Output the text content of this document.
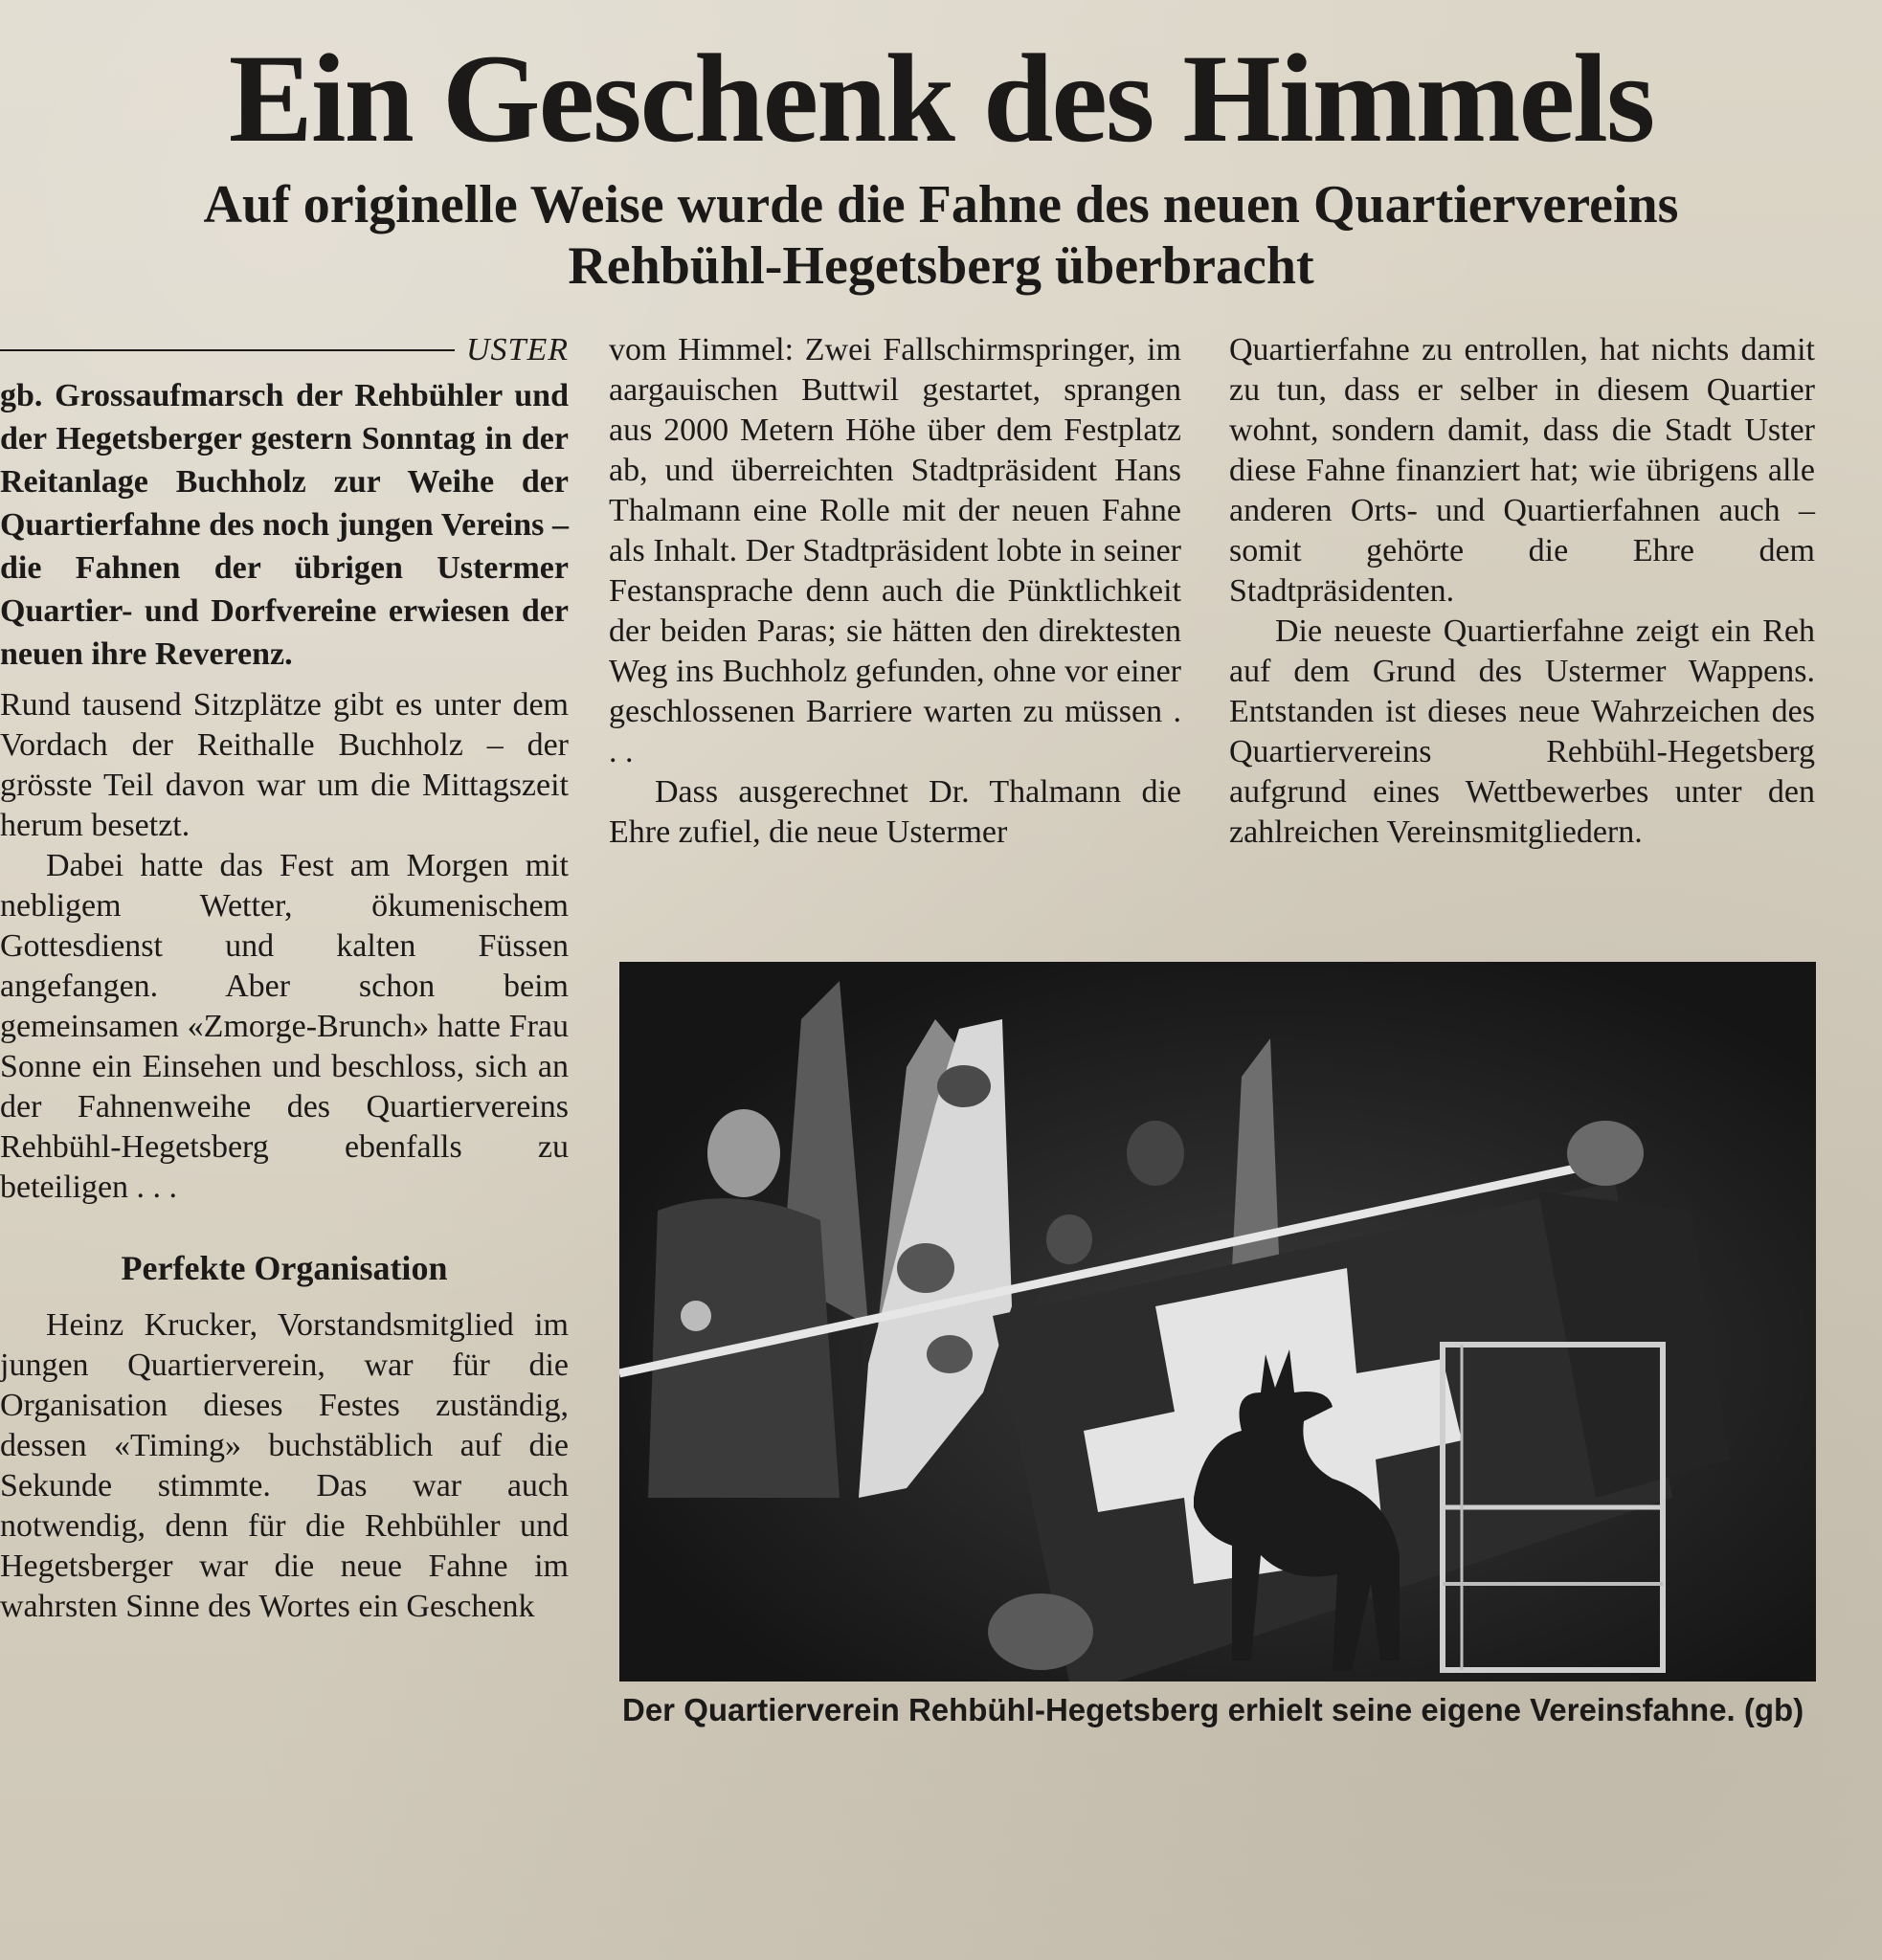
Ein Geschenk des Himmels
Auf originelle Weise wurde die Fahne des neuen Quartiervereins
Rehbühl-Hegetsberg überbracht
USTER

gb. Grossaufmarsch der Rehbühler und der Hegetsberger gestern Sonntag in der Reitanlage Buchholz zur Weihe der Quartierfahne des noch jungen Vereins – die Fahnen der übrigen Ustermer Quartier- und Dorfvereine erwiesen der neuen ihre Reverenz.

Rund tausend Sitzplätze gibt es unter dem Vordach der Reithalle Buchholz – der grösste Teil davon war um die Mittagszeit herum besetzt.

Dabei hatte das Fest am Morgen mit nebligem Wetter, ökumenischem Gottesdienst und kalten Füssen angefangen. Aber schon beim gemeinsamen «Zmorge-Brunch» hatte Frau Sonne ein Einsehen und beschloss, sich an der Fahnenweihe des Quartiervereins Rehbühl-Hegetsberg ebenfalls zu beteiligen . . .

Perfekte Organisation

Heinz Krucker, Vorstandsmitglied im jungen Quartierverein, war für die Organisation dieses Festes zuständig, dessen «Timing» buchstäblich auf die Sekunde stimmte. Das war auch notwendig, denn für die Rehbühler und Hegetsberger war die neue Fahne im wahrsten Sinne des Wortes ein Geschenk

vom Himmel: Zwei Fallschirmspringer, im aargauischen Buttwil gestartet, sprangen aus 2000 Metern Höhe über dem Festplatz ab, und überreichten Stadtpräsident Hans Thalmann eine Rolle mit der neuen Fahne als Inhalt. Der Stadtpräsident lobte in seiner Festansprache denn auch die Pünktlichkeit der beiden Paras; sie hätten den direktesten Weg ins Buchholz gefunden, ohne vor einer geschlossenen Barriere warten zu müssen . . .

Dass ausgerechnet Dr. Thalmann die Ehre zufiel, die neue Ustermer

Quartierfahne zu entrollen, hat nichts damit zu tun, dass er selber in diesem Quartier wohnt, sondern damit, dass die Stadt Uster diese Fahne finanziert hat; wie übrigens alle anderen Orts- und Quartierfahnen auch – somit gehörte die Ehre dem Stadtpräsidenten.

Die neueste Quartierfahne zeigt ein Reh auf dem Grund des Ustermer Wappens. Entstanden ist dieses neue Wahrzeichen des Quartiervereins Rehbühl-Hegetsberg aufgrund eines Wettbewerbes unter den zahlreichen Vereinsmitgliedern.

Der Quartierverein Rehbühl-Hegetsberg erhielt seine eigene Vereinsfahne. (gb)
